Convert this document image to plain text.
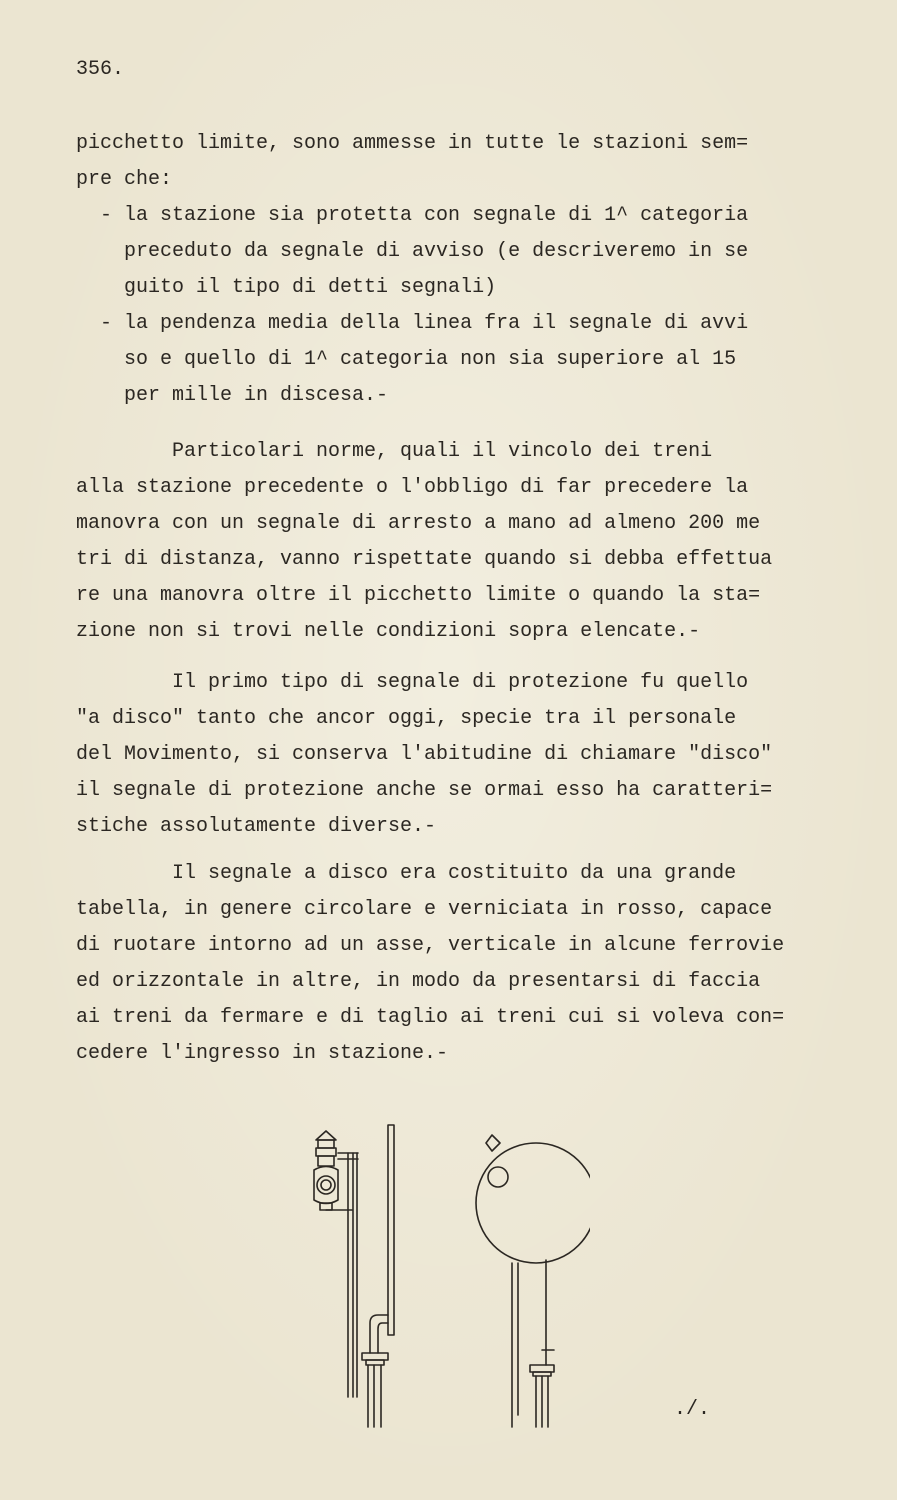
356.
picchetto limite, sono ammesse in tutte le stazioni sem=
pre che:
- la stazione sia protetta con segnale di 1^ categoria
preceduto da segnale di avviso (e descriveremo in se
guito il tipo di detti segnali)
- la pendenza media della linea fra il segnale di avvi
so e quello di 1^ categoria non sia superiore al 15
per mille in discesa.-
Particolari norme, quali il vincolo dei treni
alla stazione precedente o l'obbligo di far precedere la
manovra con un segnale di arresto a mano ad almeno 200 me
tri di distanza, vanno rispettate quando si debba effettua
re una manovra oltre il picchetto limite o quando la sta=
zione non si trovi nelle condizioni sopra elencate.-
Il primo tipo di segnale di protezione fu quello
"a disco" tanto che ancor oggi, specie tra il personale
del Movimento, si conserva l'abitudine di chiamare "disco"
il segnale di protezione anche se ormai esso ha caratteri=
stiche assolutamente diverse.-
Il segnale a disco era costituito da una grande
tabella, in genere circolare e verniciata in rosso, capace
di ruotare intorno ad un asse, verticale in alcune ferrovie
ed orizzontale in altre, in modo da presentarsi di faccia
ai treni da fermare e di taglio ai treni cui si voleva con=
cedere l'ingresso in stazione.-
./.
